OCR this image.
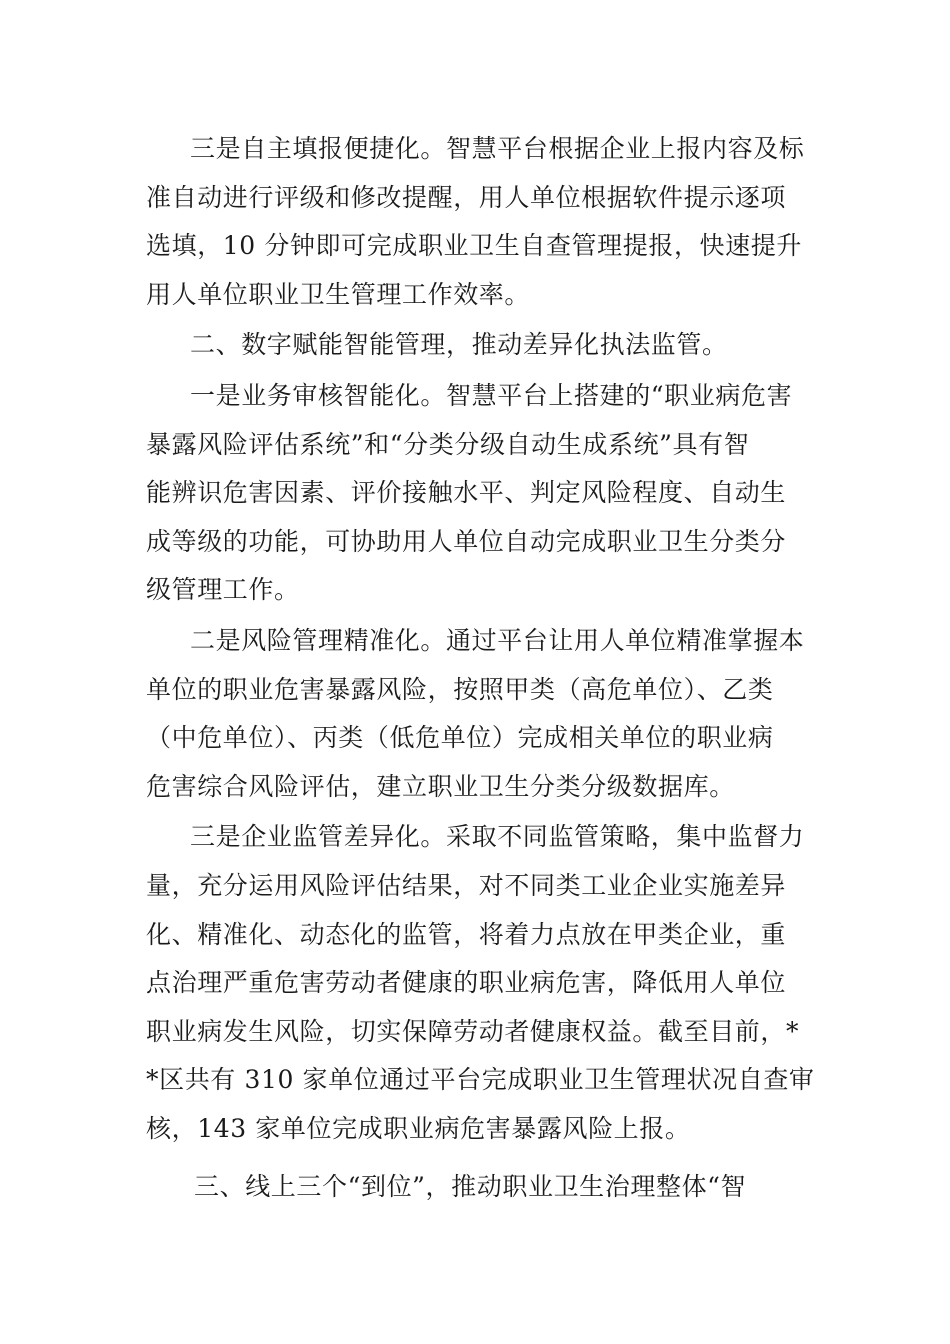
三是自主填报便捷化。智慧平台根据企业上报内容及标
准自动进行评级和修改提醒，用人单位根据软件提示逐项
选填，10 分钟即可完成职业卫生自查管理提报，快速提升
用人单位职业卫生管理工作效率。
二、数字赋能智能管理，推动差异化执法监管。
一是业务审核智能化。智慧平台上搭建的“职业病危害
暴露风险评估系统”和“分类分级自动生成系统”具有智
能辨识危害因素、评价接触水平、判定风险程度、自动生
成等级的功能，可协助用人单位自动完成职业卫生分类分
级管理工作。
二是风险管理精准化。通过平台让用人单位精准掌握本
单位的职业危害暴露风险，按照甲类（高危单位）、乙类
（中危单位）、丙类（低危单位）完成相关单位的职业病
危害综合风险评估，建立职业卫生分类分级数据库。
三是企业监管差异化。采取不同监管策略，集中监督力
量，充分运用风险评估结果，对不同类工业企业实施差异
化、精准化、动态化的监管，将着力点放在甲类企业，重
点治理严重危害劳动者健康的职业病危害，降低用人单位
职业病发生风险，切实保障劳动者健康权益。截至目前，*
*区共有 310 家单位通过平台完成职业卫生管理状况自查审
核，143 家单位完成职业病危害暴露风险上报。
三、线上三个“到位”，推动职业卫生治理整体“智
